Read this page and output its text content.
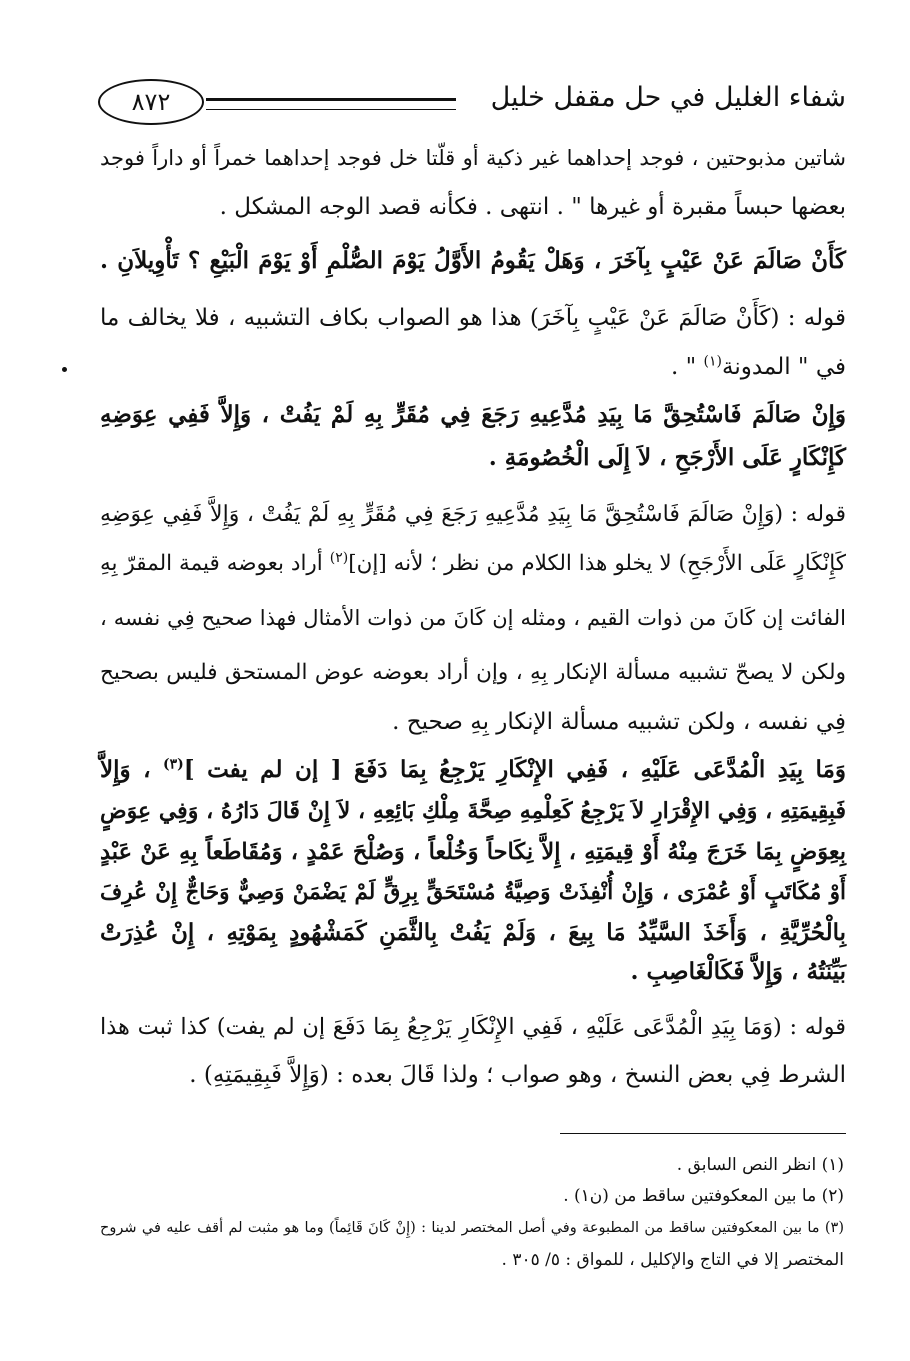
شفاء الغليل في حل مقفل خليل
٨٧٢
شاتين مذبوحتين ، فوجد إحداهما غير ذكية أو قلّتا خل فوجد إحداهما خمراً أو داراً فوجد
بعضها حبساً مقبرة أو غيرها " . انتهى . فكأنه قصد الوجه المشكل .
كَأَنْ صَالَمَ عَنْ عَيْبٍ بِآخَرَ ، وَهَلْ يَقُومُ الأَوَّلُ يَوْمَ الصُّلْمِ أَوْ يَوْمَ الْبَيْعِ ؟ تَأْوِيلاَنِ .
قوله : (كَأَنْ صَالَمَ عَنْ عَيْبٍ بِآخَرَ) هذا هو الصواب بكاف التشبيه ، فلا يخالف ما
في " المدونة$^{(١)}$ " .
وَإِنْ صَالَمَ فَاسْتُحِقَّ مَا بِيَدِ مُدَّعِيهِ رَجَعَ فِي مُقَرٍّ بِهِ لَمْ يَفُتْ ، وَإِلاَّ فَفِي عِوَضِهِ
كَإِنْكَارٍ عَلَى الأَرْجَحِ ، لاَ إِلَى الْخُصُومَةِ .
قوله : (وَإِنْ صَالَمَ فَاسْتُحِقَّ مَا بِيَدِ مُدَّعِيهِ رَجَعَ فِي مُقَرٍّ بِهِ لَمْ يَفُتْ ، وَإِلاَّ فَفِي عِوَضِهِ
كَإِنْكَارٍ عَلَى الأَرْجَحِ) لا يخلو هذا الكلام من نظر ؛ لأنه [إن]$^{(٢)}$ أراد بعوضه قيمة المقرّ بِهِ
الفائت إن كَانَ من ذوات القيم ، ومثله إن كَانَ من ذوات الأمثال فهذا صحيح فِي نفسه ،
ولكن لا يصحّ تشبيه مسألة الإنكار بِهِ ، وإن أراد بعوضه عوض المستحق فليس بصحيح
فِي نفسه ، ولكن تشبيه مسألة الإنكار بِهِ صحيح .
وَمَا بِيَدِ الْمُدَّعَى عَلَيْهِ ، فَفِي الإِنْكَارِ يَرْجِعُ بِمَا دَفَعَ [ إن لم يفت ]$^{(٣)}$ ، وَإِلاَّ
فَبِقِيمَتِهِ ، وَفِي الإِقْرَارِ لاَ يَرْجِعُ كَعِلْمِهِ صِحَّةَ مِلْكِ بَائِعِهِ ، لاَ إِنْ قَالَ دَارُهُ ، وَفِي عِوَضٍ
بِعِوَضٍ بِمَا خَرَجَ مِنْهُ أَوْ قِيمَتِهِ ، إِلاَّ نِكَاحاً وَخُلْعاً ، وَصُلْحَ عَمْدٍ ، وَمُقَاطَعاً بِهِ عَنْ عَبْدٍ
أَوْ مُكَاتَبٍ أَوْ عُمْرَى ، وَإِنْ أُنْفِذَتْ وَصِيَّةُ مُسْتَحَقٍّ بِرِقٍّ لَمْ يَضْمَنْ وَصِيٌّ وَحَاجٌّ إِنْ عُرِفَ
بِالْحُرِّيَّةِ ، وَأَخَذَ السَّيِّدُ مَا بِيعَ ، وَلَمْ يَفُتْ بِالثَّمَنِ كَمَشْهُودٍ بِمَوْتِهِ ، إِنْ عُذِرَتْ
بَيِّنَتُهُ ، وَإِلاَّ فَكَالْغَاصِبِ .
قوله : (وَمَا بِيَدِ الْمُدَّعَى عَلَيْهِ ، فَفِي الإِنْكَارِ يَرْجِعُ بِمَا دَفَعَ إن لم يفت) كذا ثبت هذا
الشرط فِي بعض النسخ ، وهو صواب ؛ ولذا قَالَ بعده : (وَإِلاَّ فَبِقِيمَتِهِ) .
(١) انظر النص السابق .
(٢) ما بين المعكوفتين ساقط من (ن١) .
(٣) ما بين المعكوفتين ساقط من المطبوعة وفي أصل المختصر لدينا : (إِنْ كَانَ قَائِماً) وما هو مثبت لم أقف عليه في شروح
المختصر إلا في التاج والإكليل ، للمواق : ٥/ ٣٠٥ .
